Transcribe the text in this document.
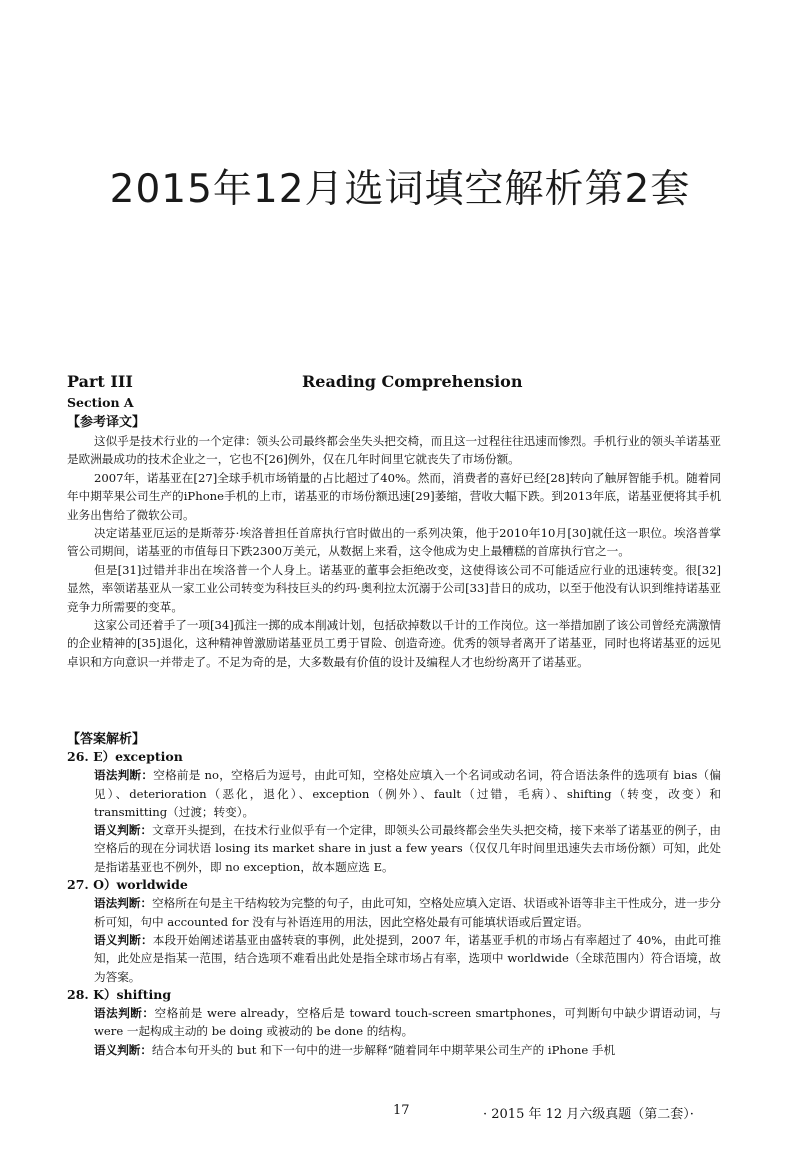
2015年12月选词填空解析第2套
Part III	Reading Comprehension
Section A
【参考译文】

这似乎是技术行业的一个定律：领头公司最终都会坐失头把交椅，而且这一过程往往迅速而惨烈。手机行业的领头羊诺基亚是欧洲最成功的技术企业之一，它也不[26]例外，仅在几年时间里它就丧失了市场份额。

2007年，诺基亚在[27]全球手机市场销量的占比超过了40%。然而，消费者的喜好已经[28]转向了触屏智能手机。随着同年中期苹果公司生产的iPhone手机的上市，诺基亚的市场份额迅速[29]萎缩，营收大幅下跌。到2013年底，诺基亚便将其手机业务出售给了微软公司。

决定诺基亚厄运的是斯蒂芬·埃洛普担任首席执行官时做出的一系列决策，他于2010年10月[30]就任这一职位。埃洛普掌管公司期间，诺基亚的市值每日下跌2300万美元，从数据上来看，这令他成为史上最糟糕的首席执行官之一。

但是[31]过错并非出在埃洛普一个人身上。诺基亚的董事会拒绝改变，这使得该公司不可能适应行业的迅速转变。很[32]显然，率领诺基亚从一家工业公司转变为科技巨头的约玛·奥利拉太沉溺于公司[33]昔日的成功，以至于他没有认识到维持诺基亚竞争力所需要的变革。

这家公司还着手了一项[34]孤注一掷的成本削减计划，包括砍掉数以千计的工作岗位。这一举措加剧了该公司曾经充满激情的企业精神的[35]退化，这种精神曾激励诺基亚员工勇于冒险、创造奇迹。优秀的领导者离开了诺基亚，同时也将诺基亚的远见卓识和方向意识一并带走了。不足为奇的是，大多数最有价值的设计及编程人才也纷纷离开了诺基亚。

【答案解析】
26. E）exception

语法判断：空格前是 no，空格后为逗号，由此可知，空格处应填入一个名词或动名词，符合语法条件的选项有 bias（偏见）、deterioration（恶化，退化）、exception（例外）、fault（过错，毛病）、shifting（转变，改变）和 transmitting（过渡；转变）。

语义判断：文章开头提到，在技术行业似乎有一个定律，即领头公司最终都会坐失头把交椅，接下来举了诺基亚的例子，由空格后的现在分词状语 losing its market share in just a few years（仅仅几年时间里迅速失去市场份额）可知，此处是指诺基亚也不例外，即 no exception，故本题应选 E。

27. O）worldwide

语法判断：空格所在句是主干结构较为完整的句子，由此可知，空格处应填入定语、状语或补语等非主干性成分，进一步分析可知，句中 accounted for 没有与补语连用的用法，因此空格处最有可能填状语或后置定语。

语义判断：本段开始阐述诺基亚由盛转衰的事例，此处提到，2007 年，诺基亚手机的市场占有率超过了 40%，由此可推知，此处应是指某一范围，结合选项不难看出此处是指全球市场占有率，选项中 worldwide（全球范围内）符合语境，故为答案。

28. K）shifting

语法判断：空格前是 were already，空格后是 toward touch-screen smartphones，可判断句中缺少谓语动词，与 were 一起构成主动的 be doing 或被动的 be done 的结构。

语义判断：结合本句开头的 but 和下一句中的进一步解释“随着同年中期苹果公司生产的 iPhone 手机

17	· 2015 年 12 月六级真题（第二套）·
